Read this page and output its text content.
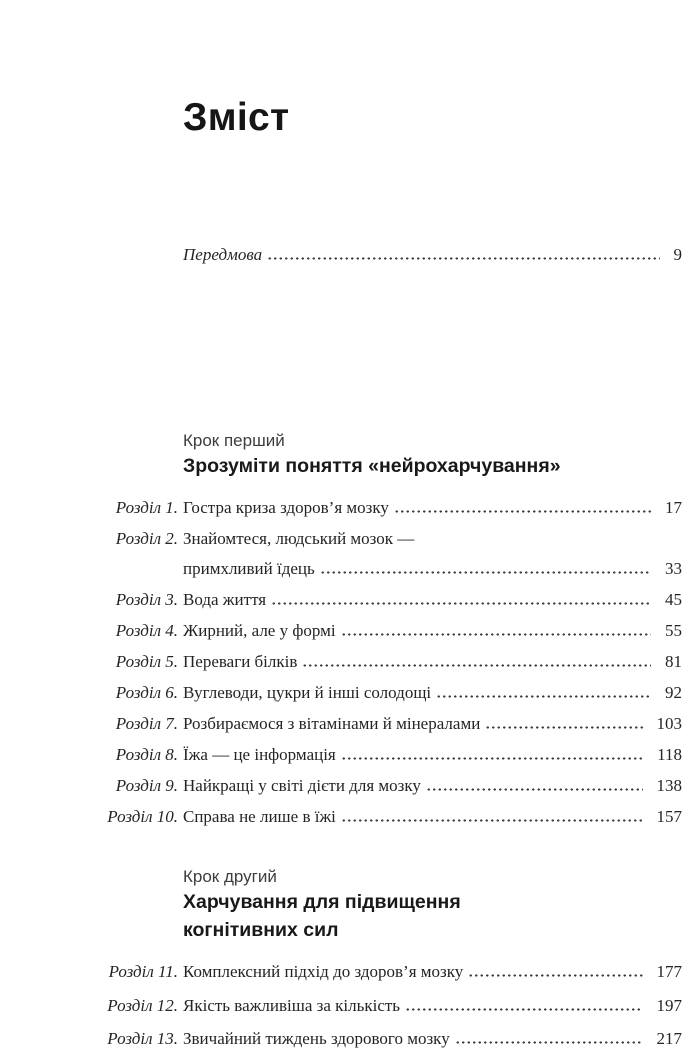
Зміст
Передмова	9
Крок перший
Зрозуміти поняття «нейрохарчування»
Розділ 1. Гостра криза здоров’я мозку	17
Розділ 2. Знайомтеся, людський мозок —
примхливий їдець	33
Розділ 3. Вода життя	45
Розділ 4. Жирний, але у формі	55
Розділ 5. Переваги білків	81
Розділ 6. Вуглеводи, цукри й інші солодощі	92
Розділ 7. Розбираємося з вітамінами й мінералами	103
Розділ 8. Їжа — це інформація	118
Розділ 9. Найкращі у світі дієти для мозку	138
Розділ 10. Справа не лише в їжі	157
Крок другий
Харчування для підвищення
когнітивних сил
Розділ 11. Комплексний підхід до здоров’я мозку	177
Розділ 12. Якість важливіша за кількість	197
Розділ 13. Звичайний тиждень здорового мозку	217
